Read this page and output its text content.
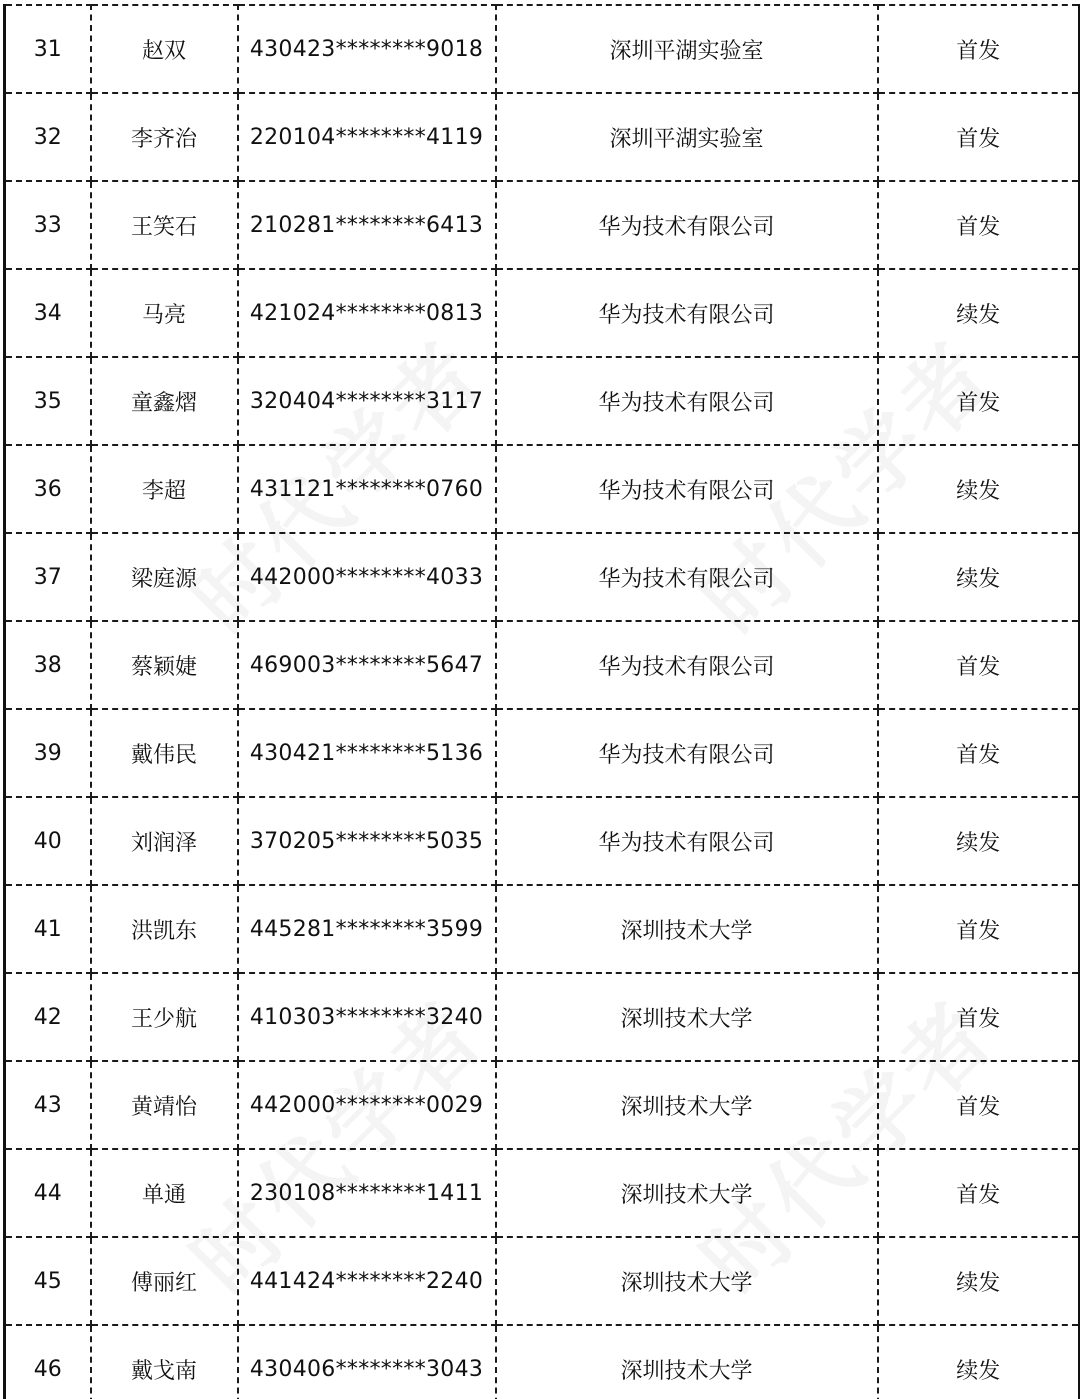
31	赵双	430423********9018	深圳平湖实验室	首发
32	李齐治	220104********4119	深圳平湖实验室	首发
33	王笑石	210281********6413	华为技术有限公司	首发
34	马亮	421024********0813	华为技术有限公司	续发
35	童鑫熠	320404********3117	华为技术有限公司	首发
36	李超	431121********0760	华为技术有限公司	续发
37	梁庭源	442000********4033	华为技术有限公司	续发
38	蔡颖婕	469003********5647	华为技术有限公司	首发
39	戴伟民	430421********5136	华为技术有限公司	首发
40	刘润泽	370205********5035	华为技术有限公司	续发
41	洪凯东	445281********3599	深圳技术大学	首发
42	王少航	410303********3240	深圳技术大学	首发
43	黄靖怡	442000********0029	深圳技术大学	首发
44	单通	230108********1411	深圳技术大学	首发
45	傅丽红	441424********2240	深圳技术大学	续发
46	戴戈南	430406********3043	深圳技术大学	续发
